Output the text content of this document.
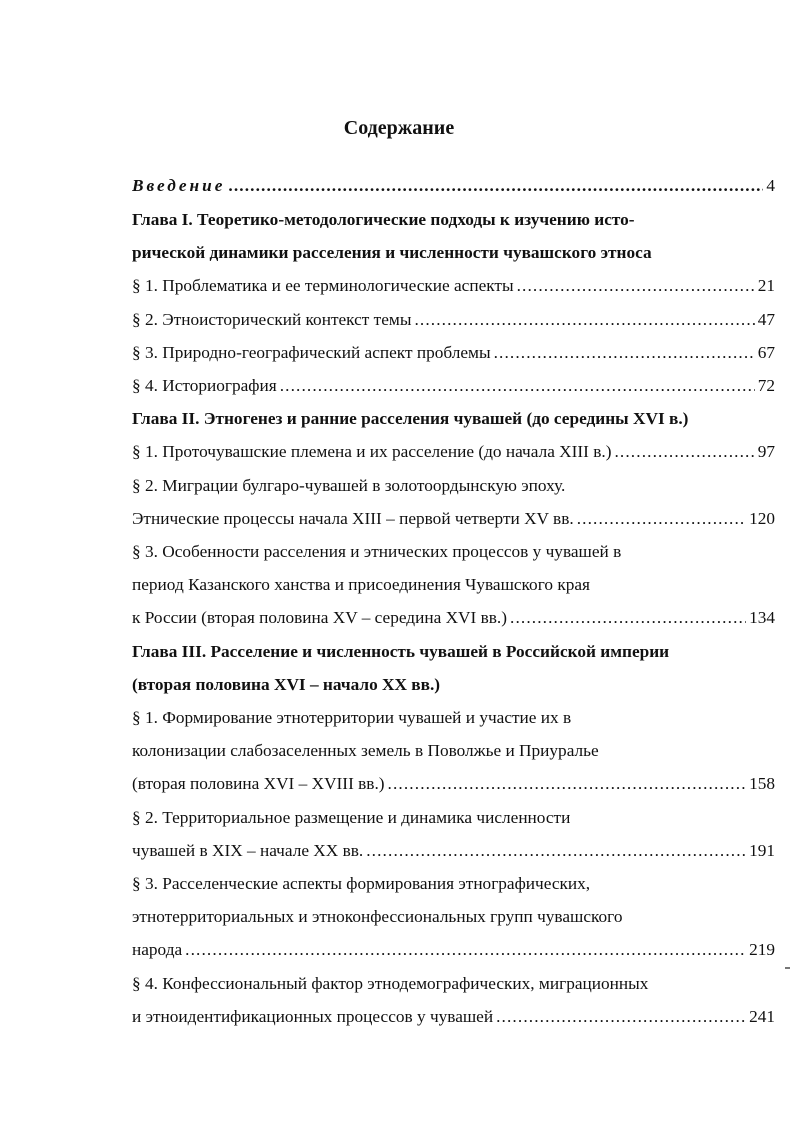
Содержание
Введение . . .	4
Глава I. Теоретико-методологические подходы к изучению исто-
рической динамики расселения и численности чувашского этноса
§ 1. Проблематика и ее терминологические аспекты . . .	21
§ 2. Этноисторический контекст темы . . .	47
§ 3. Природно-географический аспект проблемы . . .	67
§ 4. Историография . . .	72
Глава II. Этногенез и ранние расселения чувашей (до середины XVI в.)
§ 1. Проточувашские племена и их расселение (до начала XIII в.) . . .	97
§ 2. Миграции булгаро-чувашей в золотоордынскую эпоху.
Этнические процессы начала XIII – первой четверти XV вв. . . .	120
§ 3. Особенности расселения и этнических процессов у чувашей в
период Казанского ханства и присоединения Чувашского края
к России (вторая половина XV – середина XVI вв.) . . .	134
Глава III. Расселение и численность чувашей в Российской империи
(вторая половина XVI – начало XX вв.)
§ 1. Формирование этнотерритории чувашей и участие их в
колонизации слабозаселенных земель в Поволжье и Приуралье
(вторая половина XVI – XVIII вв.) . . .	158
§ 2. Территориальное размещение и динамика численности
чувашей в XIX – начале XX вв. . . .	191
§ 3. Расселенческие аспекты формирования этнографических,
этнотерриториальных и этноконфессиональных групп чувашского
народа . . .	219
§ 4. Конфессиональный фактор этнодемографических, миграционных
и этноидентификационных процессов у чувашей . . .	241
